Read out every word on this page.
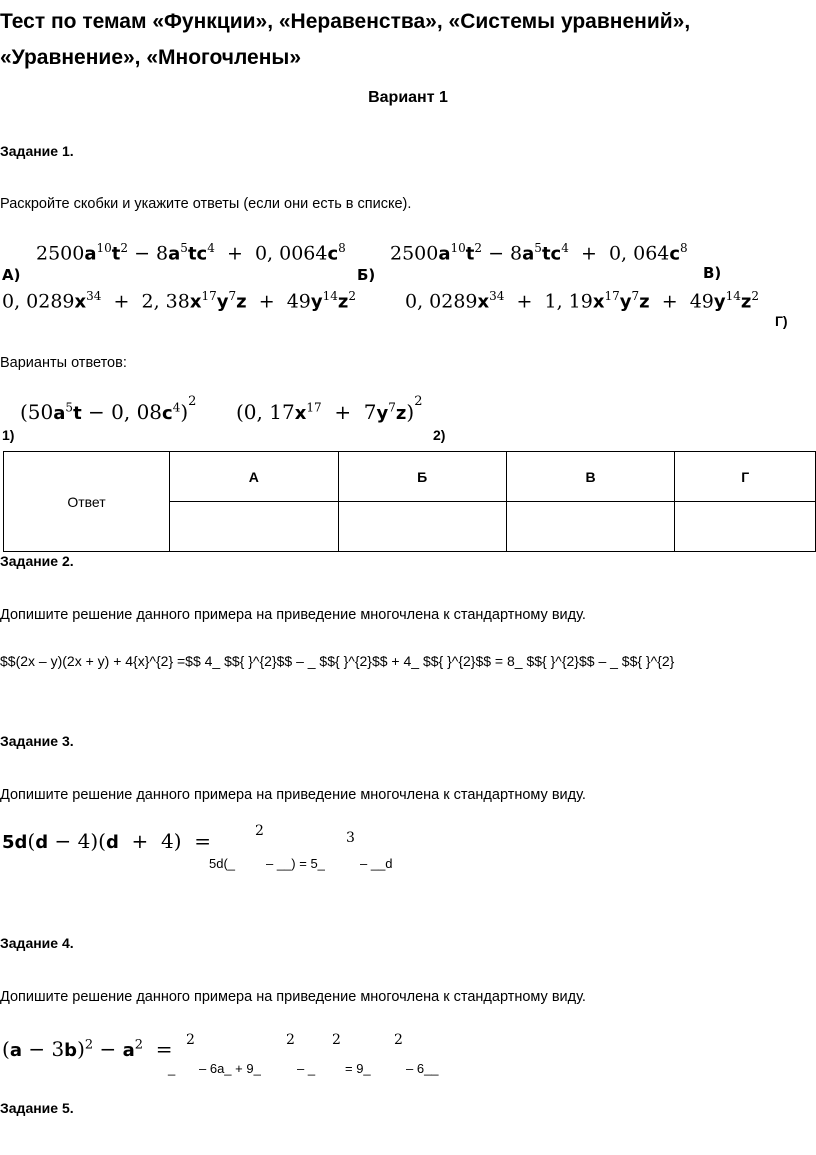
Тест по темам «Функции», «Неравенства», «Системы уравнений», «Уравнение», «Многочлены»
Вариант 1
Задание 1.
Раскройте скобки и укажите ответы (если они есть в списке).
$2500a^{10}t^2 - 8a^5tc^4 + 0$, $0064c^8$ $2500a^{10}t^2 - 8a^5tc^4 + 0$, $064c^8$
А)	Б)	В)
0, $0289x^{34} + 2$, $38x^{17}y^7z + 49y^{14}z^2$	0, $0289x^{34} + 1$, $19x^{17}y^7z + 49y^{14}z^2$
Г)
Варианты ответов:
($50a^5t - 0$, $08c^4)^2$ (0, $17x^{17} + 7y^7z)^2$
1)	2)
Ответ	А	Б	В	Г

Задание 2.
Допишите решение данного примера на приведение многочлена к стандартному виду.
$$(2x – y)(2x + y) + 4{x}^{2} =$$ 4_ $${ }^{2}$$ – _ $${ }^{2}$$ + 4_ $${ }^{2}$$ = 8_ $${ }^{2}$$ – _ $${ }^{2}
Задание 3.
Допишите решение данного примера на приведение многочлена к стандартному виду.
5d(d − 4)(d  +  4)  =	2	3
5d(_ – __) = 5_	– __d
Задание 4.
Допишите решение данного примера на приведение многочлена к стандартному виду.
$(a - 3b)^2 - a^2 = 2$	2	2	2
_ – 6a_ + 9_	– _ = 9_	– 6__
Задание 5.
